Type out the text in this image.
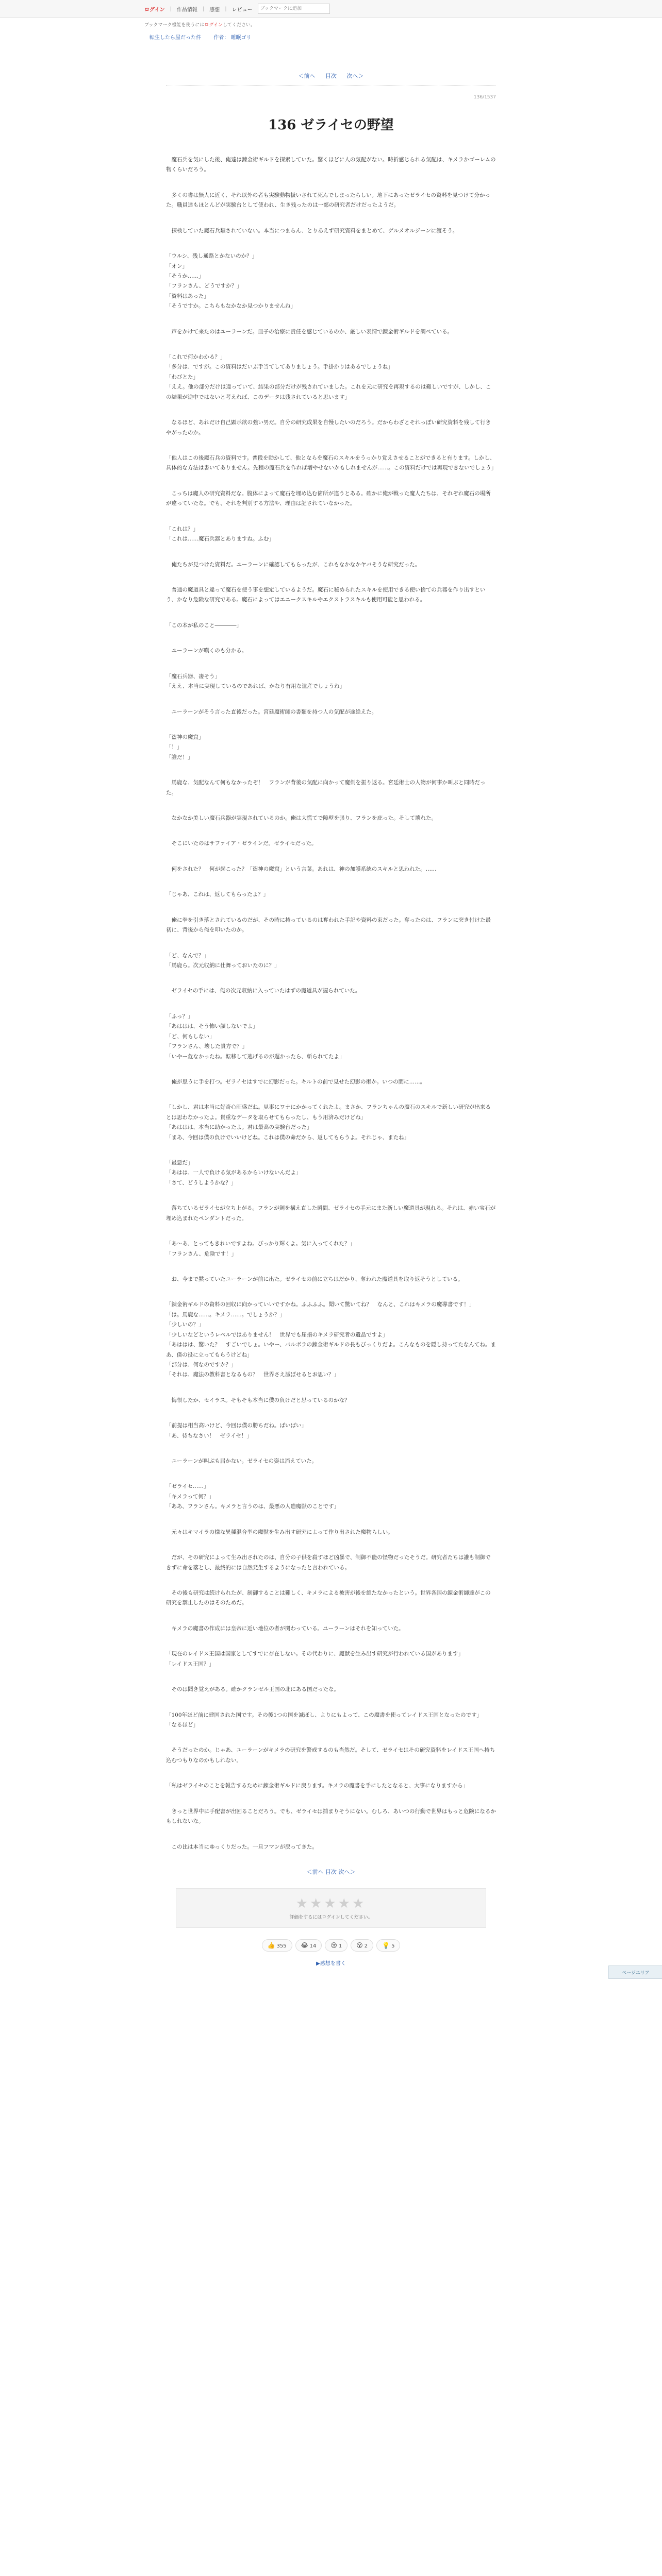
ログイン | 作品情報 | 感想 | レビュー
ブックマークに追加
ブックマーク機能を使うにはログインしてください。
転生したら屋だった件 作者： 睡眠ゴリ
＜前へ 目次 次へ＞
136/1537
136 ゼライセの野望
　魔石兵を気にした後、俺達は錬金術ギルドを探索していた。驚くほどに人の気配がない。時折感じられる気配は、キメラかゴーレムの物くらいだろう。
　多くの書は無人に近く、それ以外の者も実験動物扱いされて死んでしまったらしい。地下にあったゼライセの資料を見つけて分かった。職員達もほとんどが実験台として使われ、生き残ったのは一部の研究者だけだったようだ。
　探検していた魔石兵類されていない。本当につまらん、とりあえず研究資料をまとめて、ゲルメオルジーンに渡そう。
「ウルシ、残し通路とかないのか？」
「オン」
「そうか……」
「フランさん、どうですか？」
「資料はあった」
「そうですか。こちらもなかなか見つかりませんね」
　声をかけて来たのはユーラーンだ。皿子の治療に責任を感じているのか、厳しい表情で錬金術ギルドを調べている。
「これで何かわかる？」
「多分は、ですが。この資料はだいぶ手当てしてありましょう。手掛かりはあるでしょうね」
「わびとた」
「ええ。他の部分だけは違っていて、結果の部分だけが残されていました。これを元に研究を再現するのは難しいですが、しかし、この結果が途中ではないと考えれば、このデータは残されていると思います」
　なるほど、あれだけ自己顕示欲の強い男だ。自分の研究成果を自慢したいのだろう。だからわざとそれっぽい研究資料を残して行きやがったのか。
「他人はこの後魔石兵の資料です。普段を動かして、他とならを魔石のスキルをうっかり覚えさせることができると有ります。しかし、具体的な方法は書いてありません。先程の魔石兵を作れば増やせないかもしれませんが……。この資料だけでは再現できないでしょう」
　こっちは魔人の研究資料だな。腹体によって魔石を埋め込む箇所が違うとある。確かに俺が戦った魔人たちは、それぞれ魔石の場所が違っていたな。でも、それを判別する方法や、理由は記されていなかった。
「これは？」
「これは……魔石兵器とありますね。ふむ」
　俺たちが見つけた資料だ。ユーラーンに確認してもらったが、これもなかなかヤバそうな研究だった。
　普通の魔道具と違って魔石を使う事を想定しているようだ。魔石に秘められたスキルを使用できる使い捨ての兵器を作り出すという、かなり危険な研究である。魔石によってはエニークスキルやエクストラスキルも使用可能と思われる。
「この本が私のこと――――」
　ユーラーンが嘆くのも分かる。
「魔石兵器、凄そう」
「ええ、本当に実現しているのであれば、かなり有用な遺産でしょうね」
　ユーラーンがそう言った直後だった。宮廷魔術師の書類を持つ人の気配が途絶えた。
「盗神の魔窟」
「！」
「誰だ！」
　馬鹿な、気配なんて何もなかったぞ！　フランが背後の気配に向かって魔剣を振り返る。宮廷術士の人物が何事か叫ぶと同時だった。
　なかなか美しい魔石兵器が実現されているのか。俺は大慌てで障壁を張り、フランを庇った。そして壊れた。
　そこにいたのはサファイア・ゼラインだ。ゼライセだった。
　何をされた？　何が起こった？「盗神の魔窟」という言葉。あれは、神の加護系統のスキルと思われた。……
「じゃあ、これは、返してもらったよ？」
　俺に拳を引き落とされているのだが、その時に持っているのは奪われた手記や資料の束だった。奪ったのは、フランに突き付けた最初に、背後から俺を叩いたのか。
「ど、なんで？」
「馬鹿ら。次元収納に仕舞っておいたのに？」
　ゼライセの手には、俺の次元収納に入っていたはずの魔道具が握られていた。
「ふっ？」
「あははは、そう怖い顔しないでよ」
「ど、何もしない」
「フランさん、壊した貴方で？」
「いやー危なかったね。転移して逃げるのが遅かったら、斬られてたよ」
　俺が思うに手を打つ。ゼライセはすでに幻影だった。キルトの前で見せた幻影の術か。いつの間に……。
「しかし、君は本当に好奇心旺盛だね。見事にワナにかかってくれたよ。まさか、フランちゃんの魔石のスキルで新しい研究が出来るとは思わなかったよ。貴重なデータを取らせてもらったし、もう用済みだけどね」
「あははは、本当に助かったよ。君は最高の実験台だった」
「まあ、今回は僕の負けでいいけどね。これは僕の命だから、返してもらうよ。それじゃ、またね」
「最悪だ」
「あはは、一人で負ける気があるからいけないんだよ」
「さて、どうしようかな？」
　落ちているゼライセが立ち上がる。フランが剣を構え直した瞬間、ゼライセの手元にまた新しい魔道具が現れる。それは、赤い宝石が埋め込まれたペンダントだった。
「あ～あ、とってもきれいですよね。ぴっかり輝くよ。気に入ってくれた？」
「フランさん、危険です！」
　お、今まで黙っていたユーラーンが前に出た。ゼライセの前に立ちはだかり、奪われた魔道具を取り返そうとしている。
「錬金術ギルドの資料の回収に向かっていいですかね。ふふふふ。聞いて驚いてね？　なんと、これはキメラの魔導書です！」
「は。馬鹿な……。キメラ……。でしょうか？」
「少しいの？」
「少しいなどというレベルではありません！　世界でも屈指のキメラ研究者の遺品ですよ」
「あははは、驚いた？　すごいでしょ。いやー、バルボラの錬金術ギルドの長もびっくりだよ。こんなものを隠し持ってたなんてね。まあ、僕の役に立ってもらうけどね」
「部分は、何なのですか？」
「それは、魔法の教科書となるもの？　世界さえ滅ぼせるとお思い？」
　悔恨したか、セイラス。そもそも本当に僕の負けだと思っているのかな？
「前提は相当高いけど、今回は僕の勝ちだね。ばいばい」
「あ、待ちなさい！　ゼライセ！」
　ユーラーンが叫ぶも届かない。ゼライセの姿は消えていた。
「ゼライセ……」
「キメラって何？」
「ああ、フランさん。キメラと言うのは、最悪の人造魔獣のことです」
　元々はキマイラの様な異種混合型の魔獣を生み出す研究によって作り出された魔物らしい。
　だが、その研究によって生み出されたのは、自分の子供を殺すほど凶暴で、制御不能の怪物だったそうだ。研究者たちは誰も制御できずに命を落とし、最終的には自然発生するようになったと言われている。
　その後も研究は続けられたが、制御することは難しく、キメラによる被害が後を絶たなかったという。世界各国の錬金術師達がこの研究を禁止したのはそのためだ。
　キメラの魔書の作成には皇帝に近い地位の者が関わっている。ユーラーンはそれを知っていた。
「現在のレイドス王国は国家としてすでに存在しない。その代わりに、魔獣を生み出す研究が行われている国があります」
「レイドス王国？」
　そのは聞き覚えがある。確かクランゼル王国の北にある国だったな。
「100年ほど前に建国された国です。その後1つの国を滅ぼし、よりにもよって、この魔書を使ってレイドス王国となったのです」
「なるほど」
　そうだったのか。じゃあ、ユーラーンがキメラの研究を警戒するのも当然だ。そして、ゼライセはその研究資料をレイドス王国へ持ち込むつもりなのかもしれない。
「私はゼライセのことを報告するために錬金術ギルドに戻ります。キメラの魔書を手にしたとなると、大事になりますから」
　きっと世界中に手配書が出回ることだろう。でも、ゼライセは捕まりそうにない。むしろ、あいつの行動で世界はもっと危険になるかもしれないな。
　この比は本当にゆっくりだった。一旦フマンが戻ってきた。
ページエリア
＜前へ 目次 次へ＞
★★★★★
評価をするにはログインしてください。
👍 355 😂 14 😢 1 😮 2 💡 5
▶感想を書く
